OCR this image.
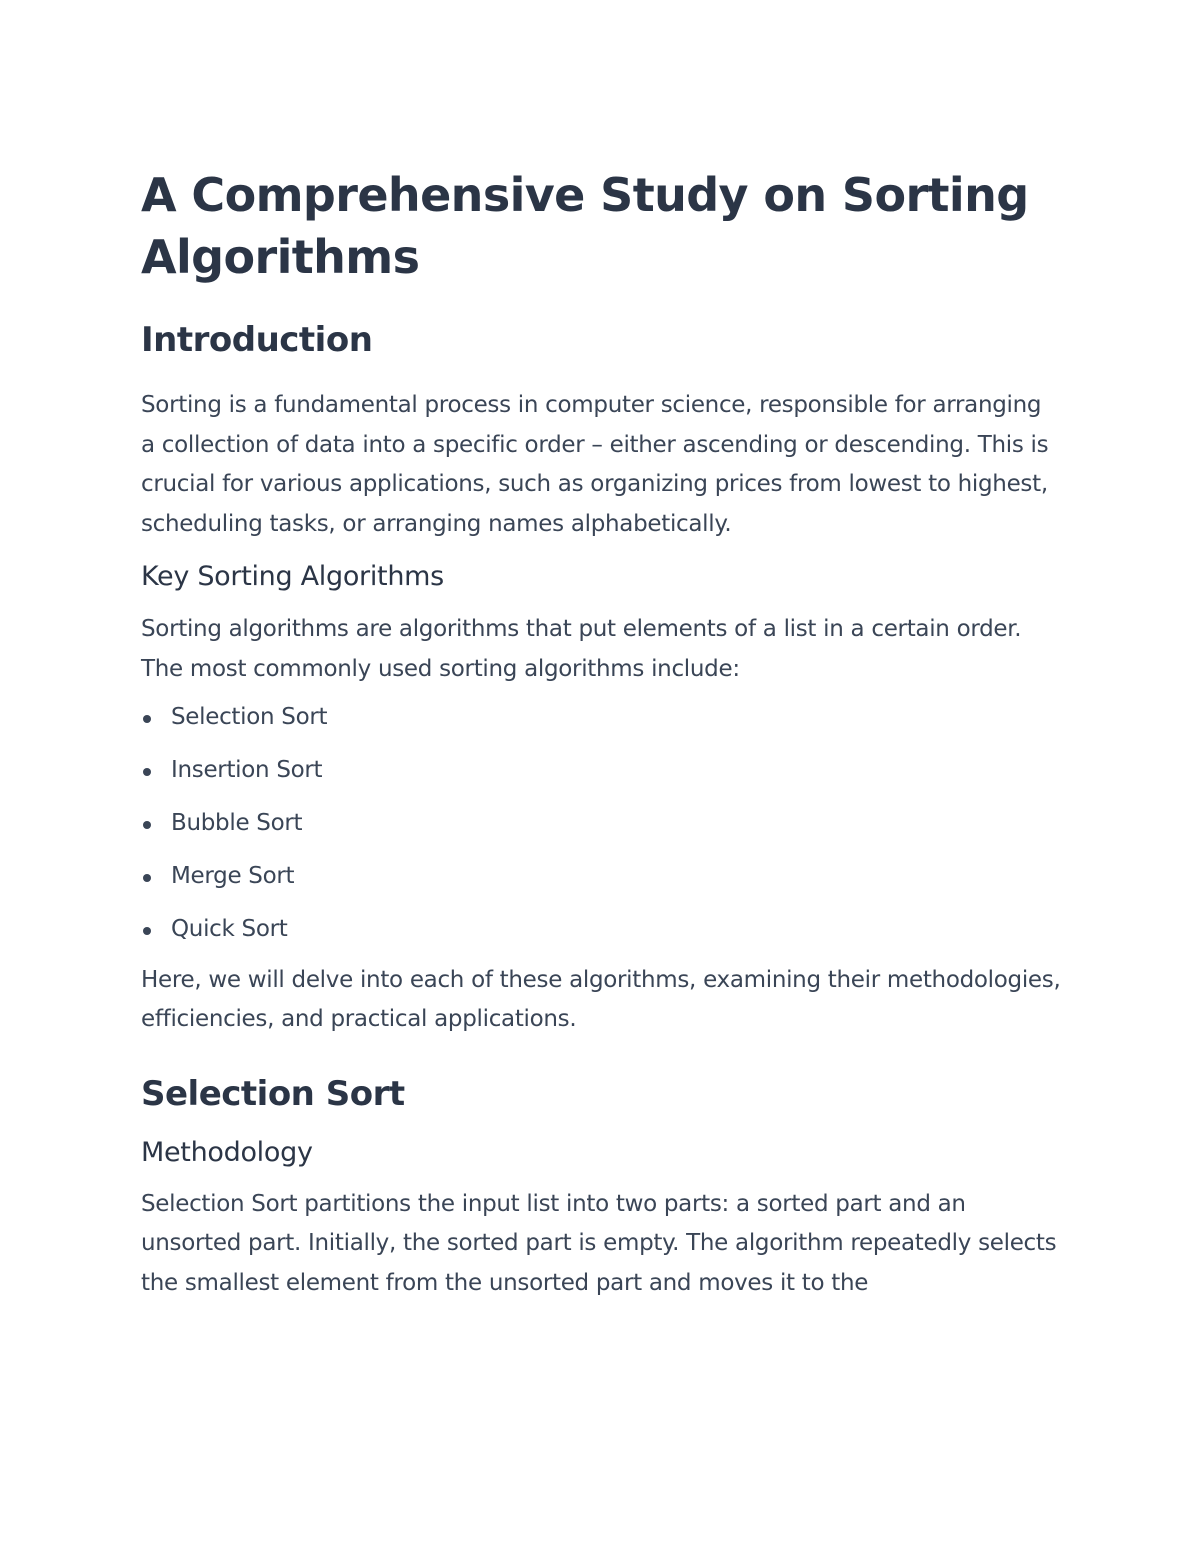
A Comprehensive Study on Sorting Algorithms
Introduction

Sorting is a fundamental process in computer science, responsible for arranging a collection of data into a specific order – either ascending or descending. This is crucial for various applications, such as organizing prices from lowest to highest, scheduling tasks, or arranging names alphabetically.

Key Sorting Algorithms

Sorting algorithms are algorithms that put elements of a list in a certain order. The most commonly used sorting algorithms include:

Selection Sort
Insertion Sort
Bubble Sort
Merge Sort
Quick Sort

Here, we will delve into each of these algorithms, examining their methodologies, efficiencies, and practical applications.

Selection Sort
Methodology

Selection Sort partitions the input list into two parts: a sorted part and an unsorted part. Initially, the sorted part is empty. The algorithm repeatedly selects the smallest element from the unsorted part and moves it to the
